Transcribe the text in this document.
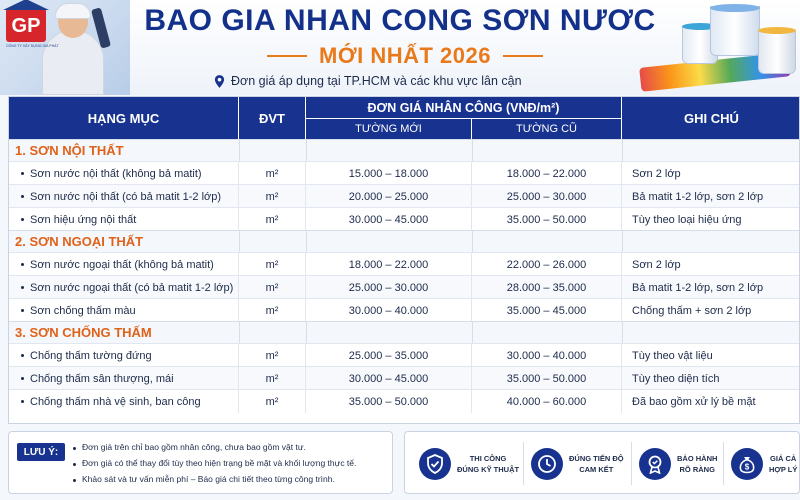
GP
CÔNG TY XÂY DỰNG GIA PHÁT
BAO GIA NHAN CONG SƠN NƯƠC
MỚI NHẤT 2026
Đơn giá áp dụng tại TP.HCM và các khu vực lân cận
HẠNG MỤC	ĐVT
ĐƠN GIÁ NHÂN CÔNG (VNĐ/m²)
TƯỜNG MỚI	TƯỜNG CŨ
GHI CHÚ
1. SƠN NỘI THẤT
Sơn nước nội thất (không bả matit)	m²	15.000 – 18.000	18.000 – 22.000	Sơn 2 lớp
Sơn nước nội thất (có bả matit 1-2 lớp)	m²	20.000 – 25.000	25.000 – 30.000	Bả matit 1-2 lớp, sơn 2 lớp
Sơn hiệu ứng nội thất	m²	30.000 – 45.000	35.000 – 50.000	Tùy theo loại hiệu ứng
2. SƠN NGOẠI THẤT
Sơn nước ngoại thất (không bả matit)	m²	18.000 – 22.000	22.000 – 26.000	Sơn 2 lớp
Sơn nước ngoại thất (có bả matit 1-2 lớp)	m²	25.000 – 30.000	28.000 – 35.000	Bả matit 1-2 lớp, sơn 2 lớp
Sơn chống thấm màu	m²	30.000 – 40.000	35.000 – 45.000	Chống thấm + sơn 2 lớp
3. SƠN CHỐNG THẤM
Chống thấm tường đứng	m²	25.000 – 35.000	30.000 – 40.000	Tùy theo vật liệu
Chống thấm sân thượng, mái	m²	30.000 – 45.000	35.000 – 50.000	Tùy theo diện tích
Chống thấm nhà vệ sinh, ban công	m²	35.000 – 50.000	40.000 – 60.000	Đã bao gồm xử lý bề mặt
LƯU Ý:	Đơn giá trên chỉ bao gồm nhân công, chưa bao gồm vật tư.
Đơn giá có thể thay đổi tùy theo hiện trạng bề mặt và khối lượng thực tế.
Khảo sát và tư vấn miễn phí – Báo giá chi tiết theo từng công trình.
THI CÔNG
ĐÚNG KỸ THUẬT
ĐÚNG TIẾN ĐỘ
CAM KẾT
BẢO HÀNH
RÕ RÀNG	$
GIÁ CẢ
HỢP LÝ
